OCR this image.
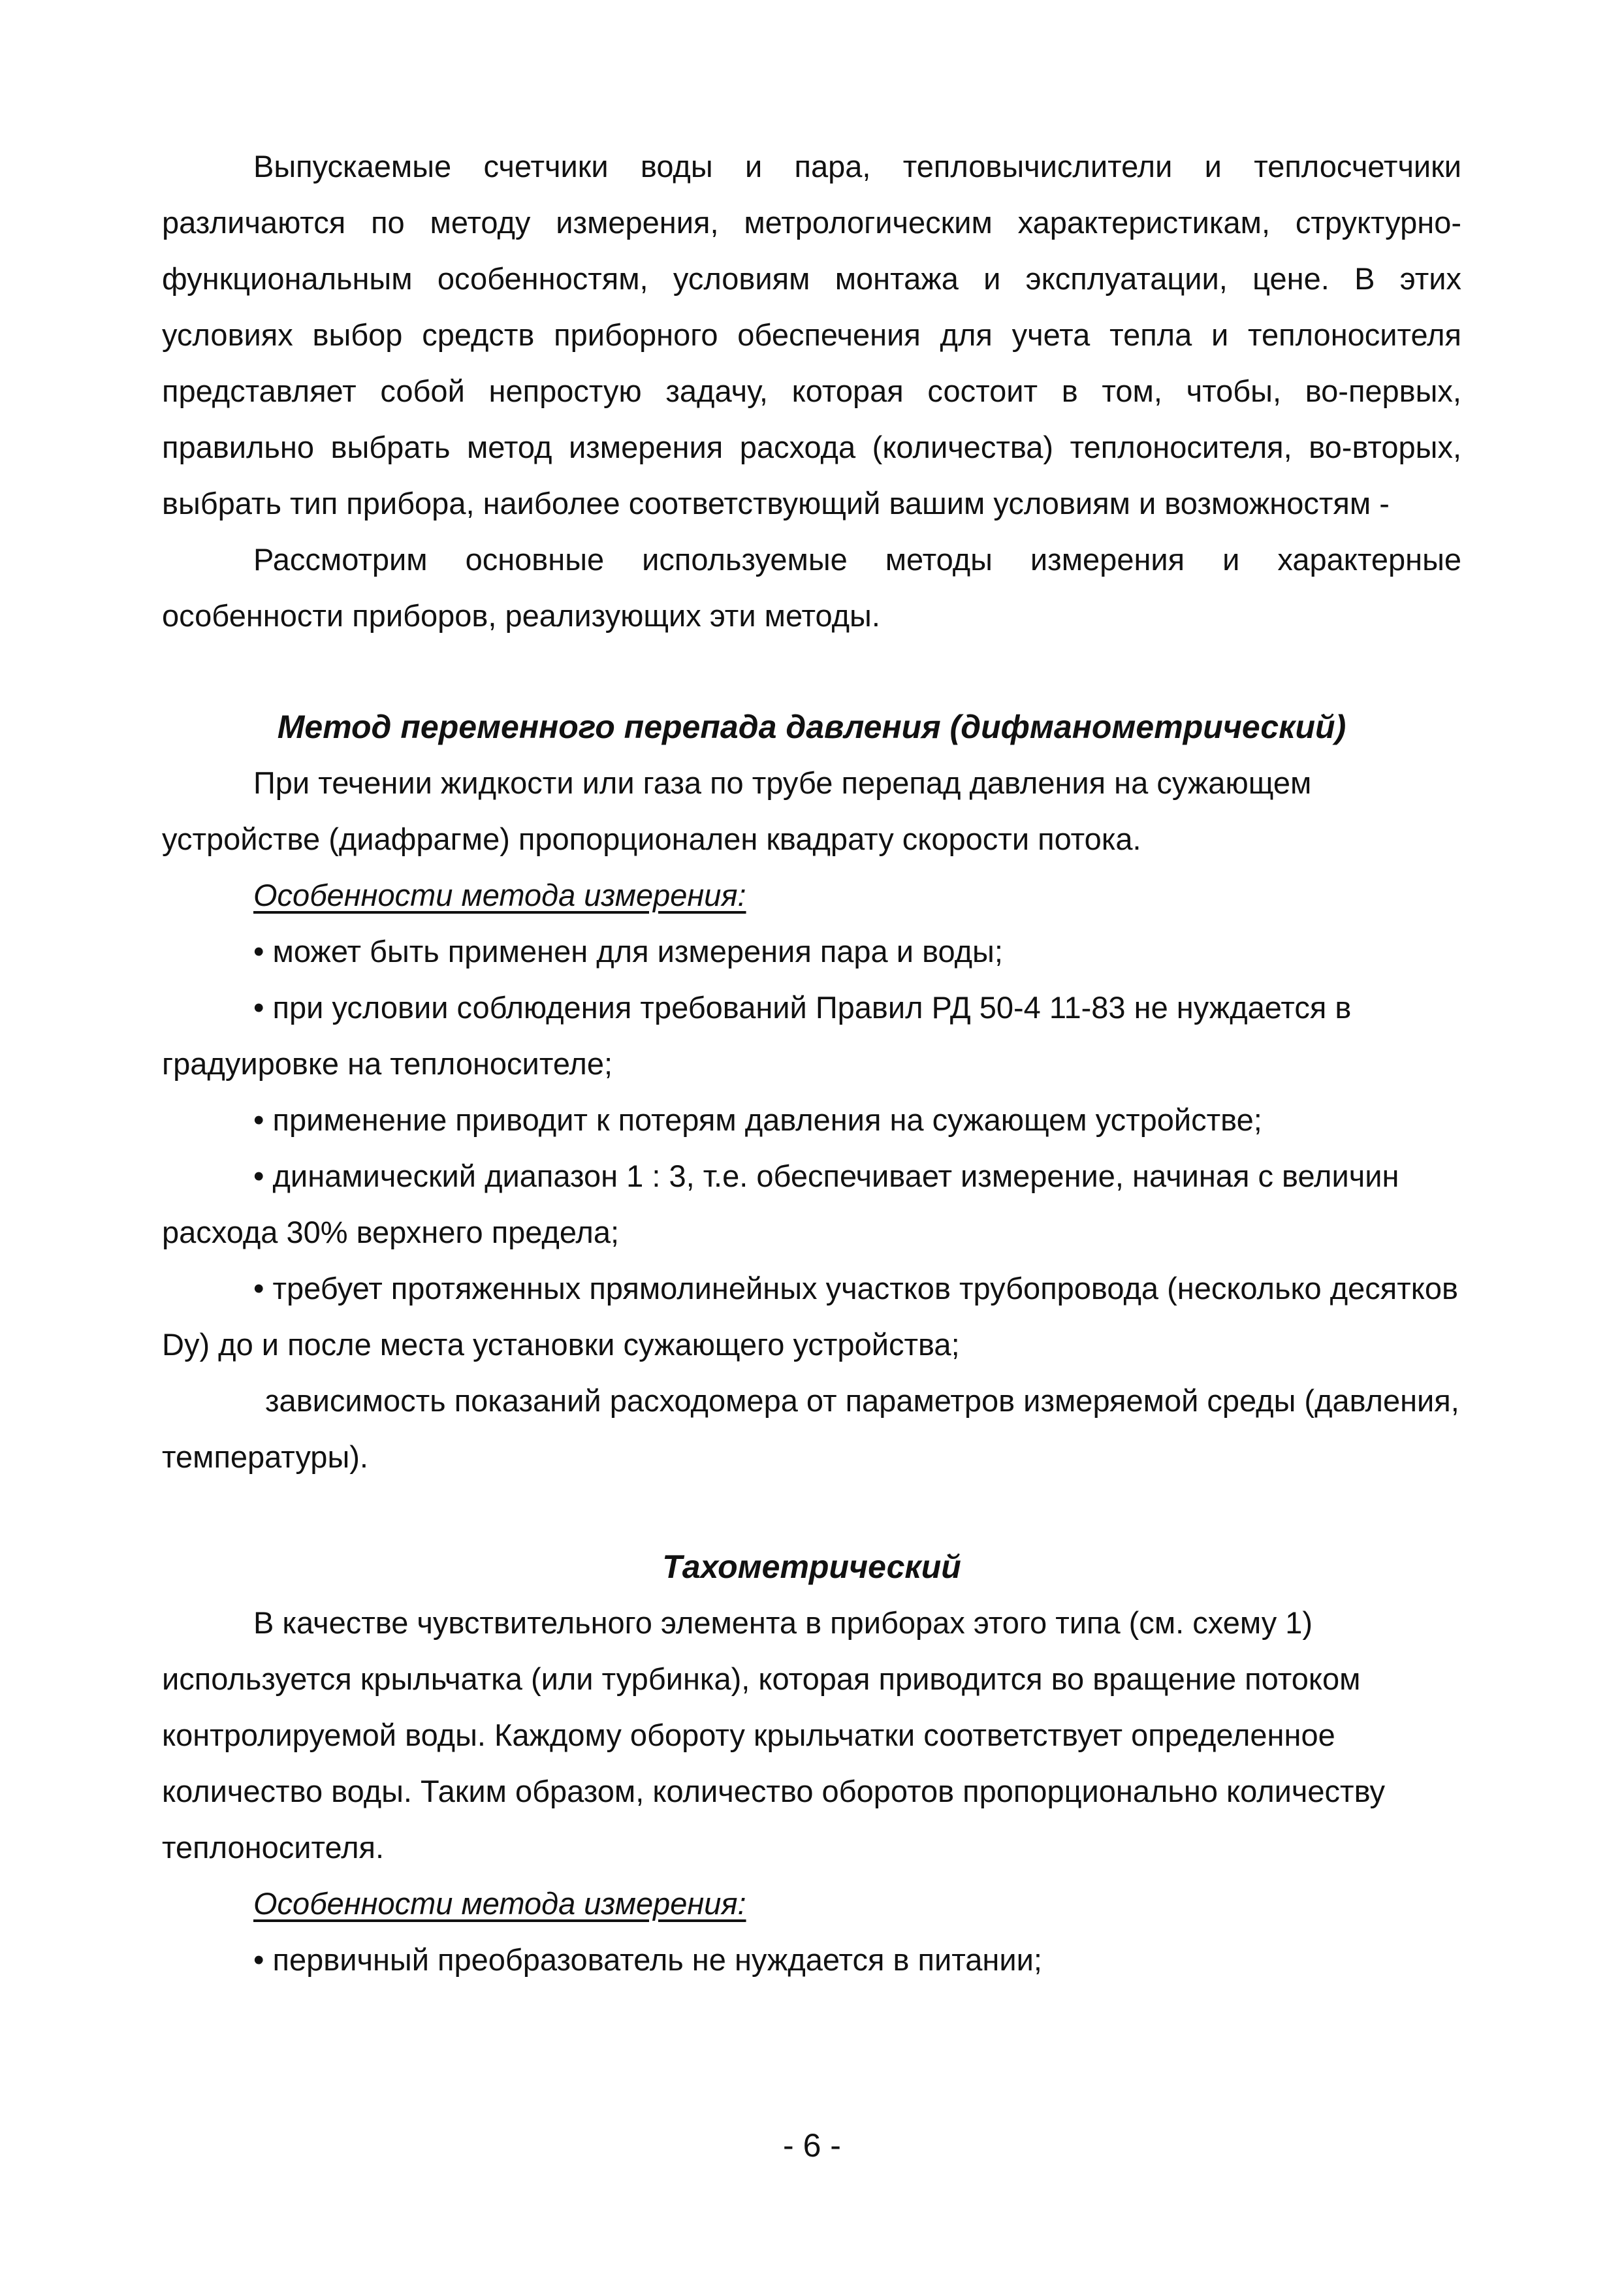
Выпускаемые счетчики воды и пара, тепловычислители и теплосчетчики различаются по методу измерения, метрологическим характеристикам, структурно-функциональным особенностям, условиям монтажа и эксплуатации, цене. В этих условиях выбор средств приборного обеспечения для учета тепла и теплоносителя представляет собой непростую задачу, которая состоит в том, чтобы, во-первых, правильно выбрать метод измерения расхода (количества) теплоносителя, во-вторых, выбрать тип прибора, наиболее соответствующий вашим условиям и возможностям -

Рассмотрим основные используемые методы измерения и характерные особенности приборов, реализующих эти методы.

Метод переменного перепада давления (дифманометрический)

При течении жидкости или газа по трубе перепад давления на сужающем устройстве (диафрагме) пропорционален квадрату скорости потока.

Особенности метода измерения:

• может быть применен для измерения пара и воды;

• при условии соблюдения требований Правил РД 50-4 11-83 не нуждается в градуировке на теплоносителе;

• применение приводит к потерям давления на сужающем устройстве;

• динамический диапазон 1 : 3, т.е. обеспечивает измерение, начиная с величин расхода 30% верхнего предела;

• требует протяженных прямолинейных участков трубопровода (несколько десятков Dy) до и после места установки сужающего устройства;

зависимость показаний расходомера от параметров измеряемой среды (давления, температуры).

Тахометрический

В качестве чувствительного элемента в приборах этого типа (см. схему 1) используется крыльчатка (или турбинка), которая приводится во вращение потоком контролируемой воды. Каждому обороту крыльчатки соответствует определенное количество воды. Таким образом, количество оборотов пропорционально количеству теплоносителя.

Особенности метода измерения:

• первичный преобразователь не нуждается в питании;

- 6 -
